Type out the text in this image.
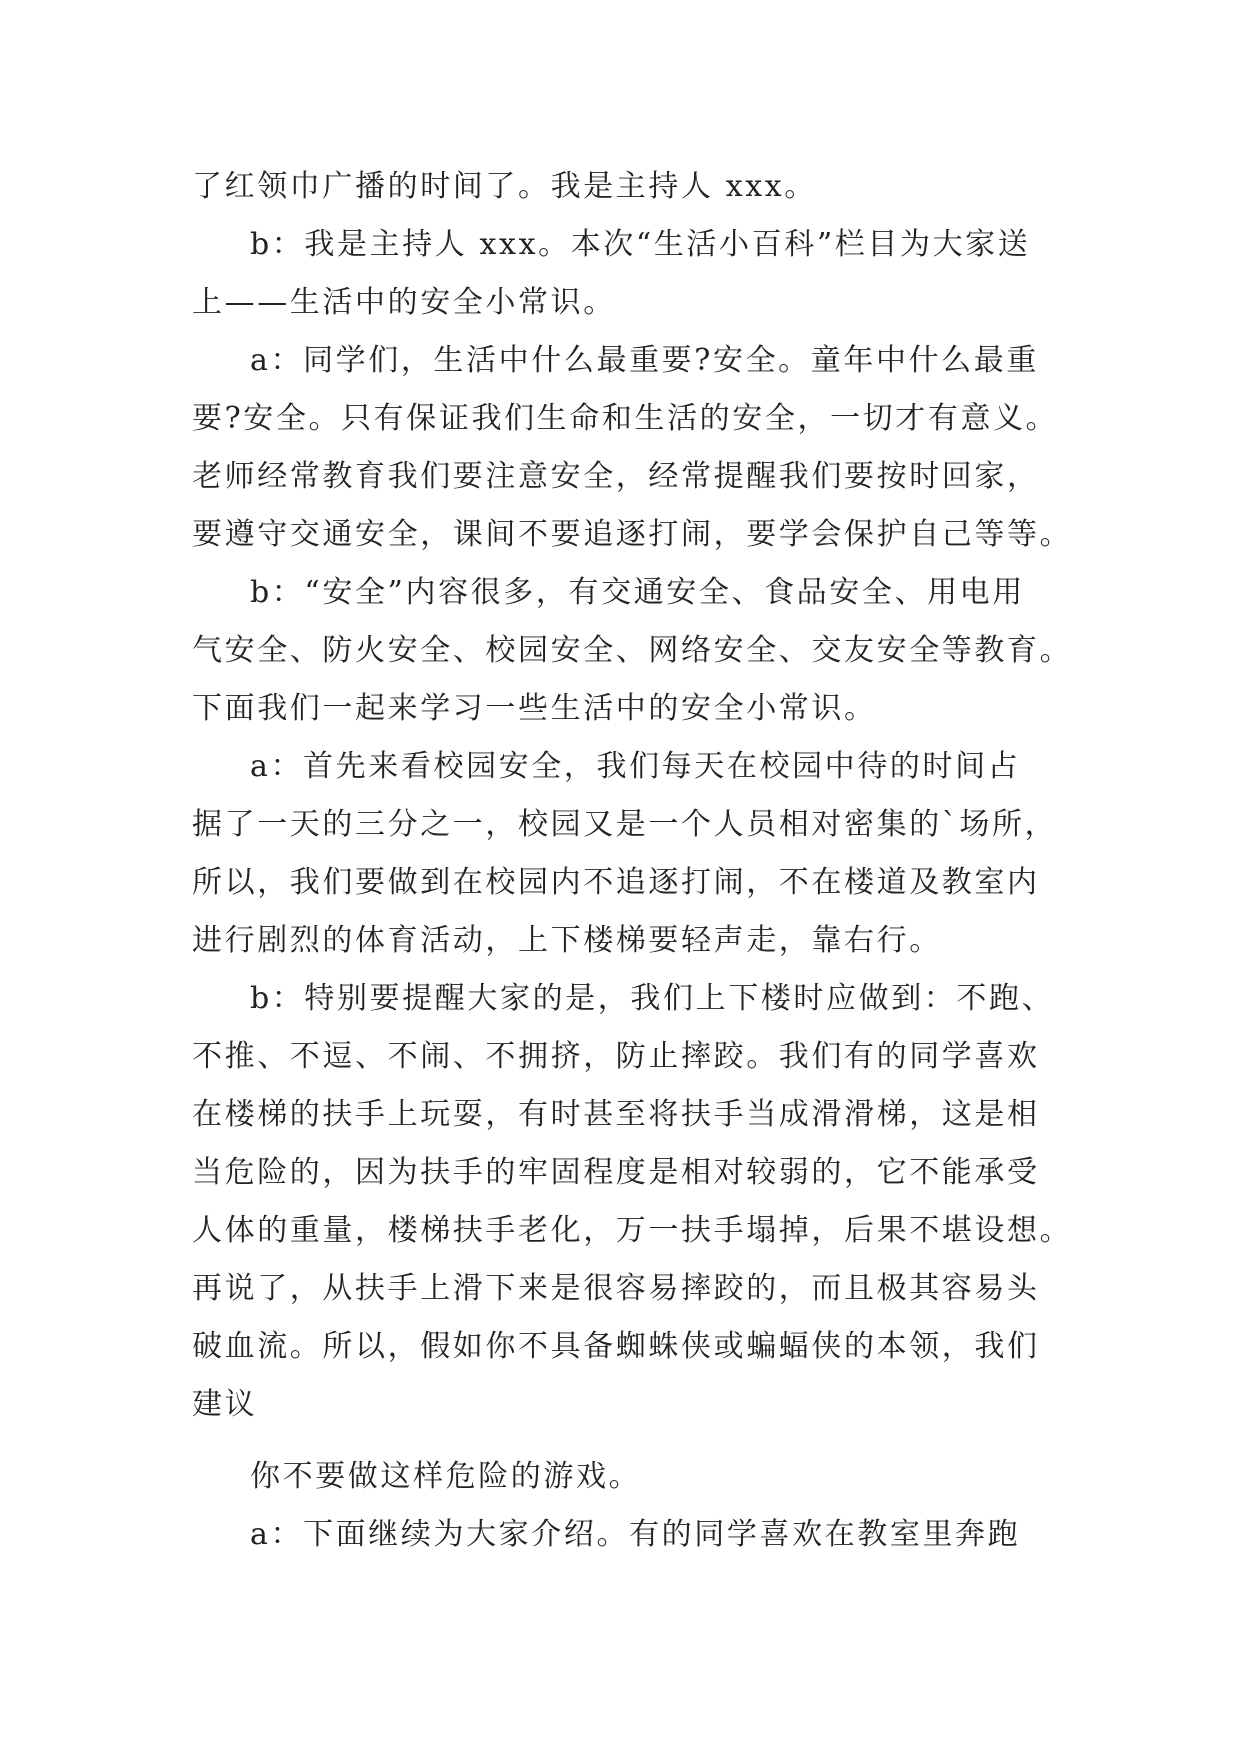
了红领巾广播的时间了。我是主持人 xxx。
b：我是主持人 xxx。本次“生活小百科”栏目为大家送
上——生活中的安全小常识。
a：同学们，生活中什么最重要?安全。童年中什么最重
要?安全。只有保证我们生命和生活的安全，一切才有意义。
老师经常教育我们要注意安全，经常提醒我们要按时回家，
要遵守交通安全，课间不要追逐打闹，要学会保护自己等等。
b：“安全”内容很多，有交通安全、食品安全、用电用
气安全、防火安全、校园安全、网络安全、交友安全等教育。
下面我们一起来学习一些生活中的安全小常识。
a：首先来看校园安全，我们每天在校园中待的时间占
据了一天的三分之一，校园又是一个人员相对密集的`场所，
所以，我们要做到在校园内不追逐打闹，不在楼道及教室内
进行剧烈的体育活动，上下楼梯要轻声走，靠右行。
b：特别要提醒大家的是，我们上下楼时应做到：不跑、
不推、不逗、不闹、不拥挤，防止摔跤。我们有的同学喜欢
在楼梯的扶手上玩耍，有时甚至将扶手当成滑滑梯，这是相
当危险的，因为扶手的牢固程度是相对较弱的，它不能承受
人体的重量，楼梯扶手老化，万一扶手塌掉，后果不堪设想。
再说了，从扶手上滑下来是很容易摔跤的，而且极其容易头
破血流。所以，假如你不具备蜘蛛侠或蝙蝠侠的本领，我们
建议
你不要做这样危险的游戏。
a：下面继续为大家介绍。有的同学喜欢在教室里奔跑
